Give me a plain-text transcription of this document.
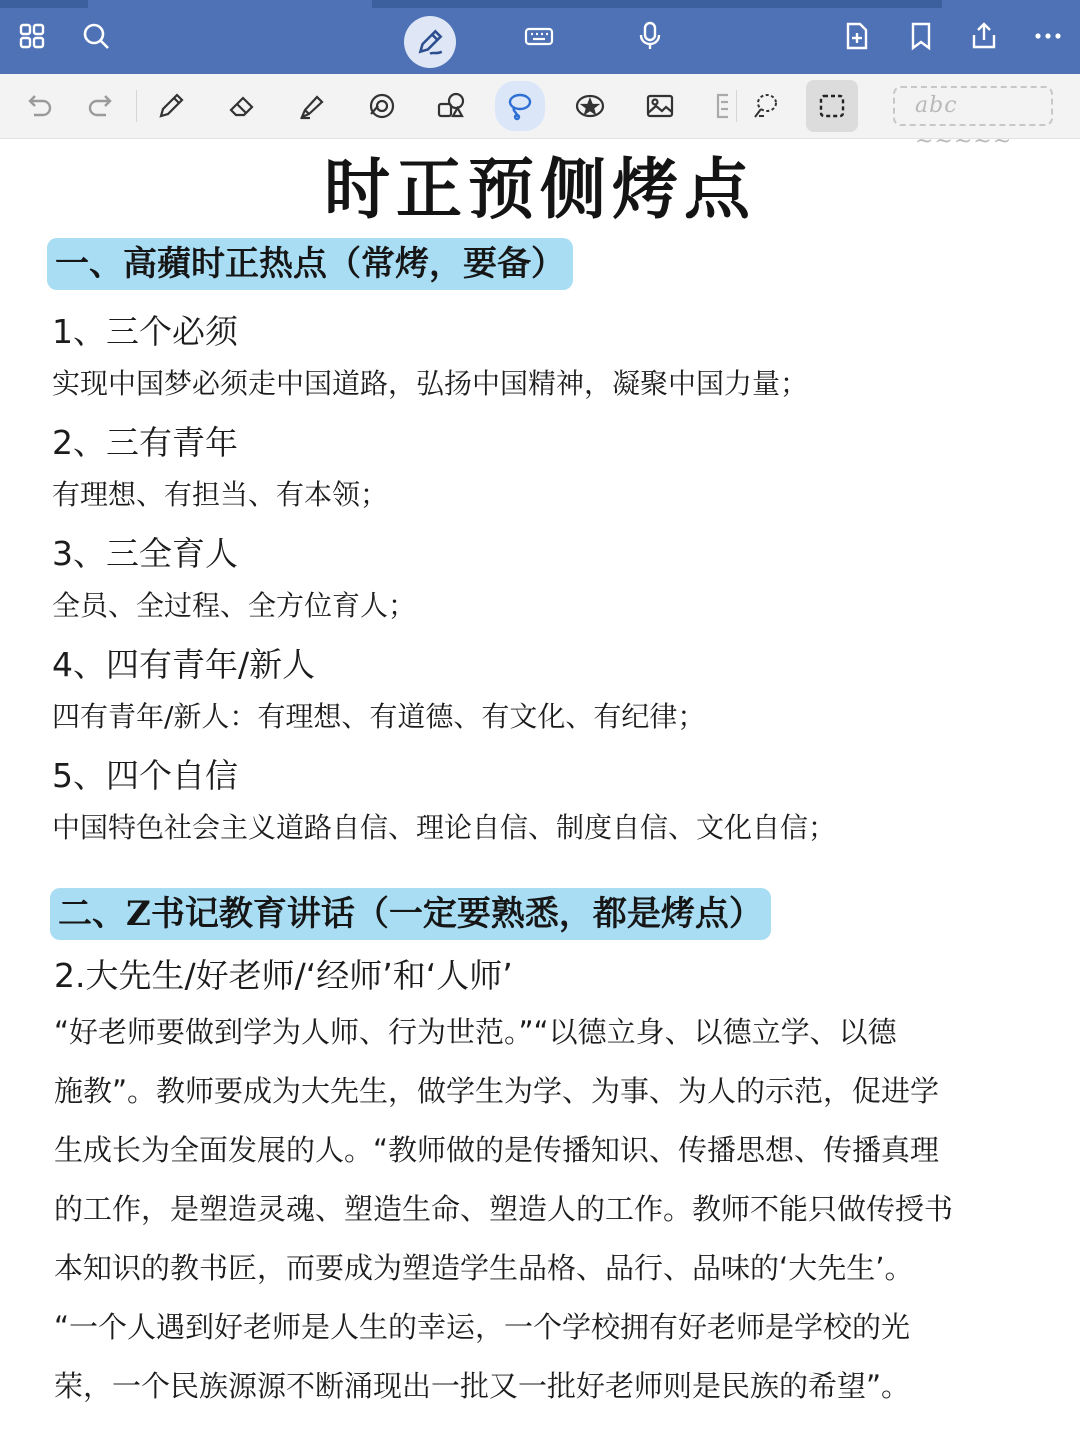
abc ~~~~~
时正预侧烤点
一、高蘋时正热点（常烤，要备）
1、三个必须
实现中国梦必须走中国道路，弘扬中国精神，凝聚中国力量；
2、三有青年
有理想、有担当、有本领；
3、三全育人
全员、全过程、全方位育人；
4、四有青年/新人
四有青年/新人：有理想、有道德、有文化、有纪律；
5、四个自信
中国特色社会主义道路自信、理论自信、制度自信、文化自信；
二、Z书记教育讲话（一定要熟悉，都是烤点）
2.大先生/好老师/‘经师’和‘人师’

“好老师要做到学为人师、行为世范。”“以德立身、以德立学、以德

施教”。教师要成为大先生，做学生为学、为事、为人的示范，促进学

生成长为全面发展的人。“教师做的是传播知识、传播思想、传播真理

的工作，是塑造灵魂、塑造生命、塑造人的工作。教师不能只做传授书

本知识的教书匠，而要成为塑造学生品格、品行、品味的‘大先生’。

“一个人遇到好老师是人生的幸运，一个学校拥有好老师是学校的光

荣，一个民族源源不断涌现出一批又一批好老师则是民族的希望”。
